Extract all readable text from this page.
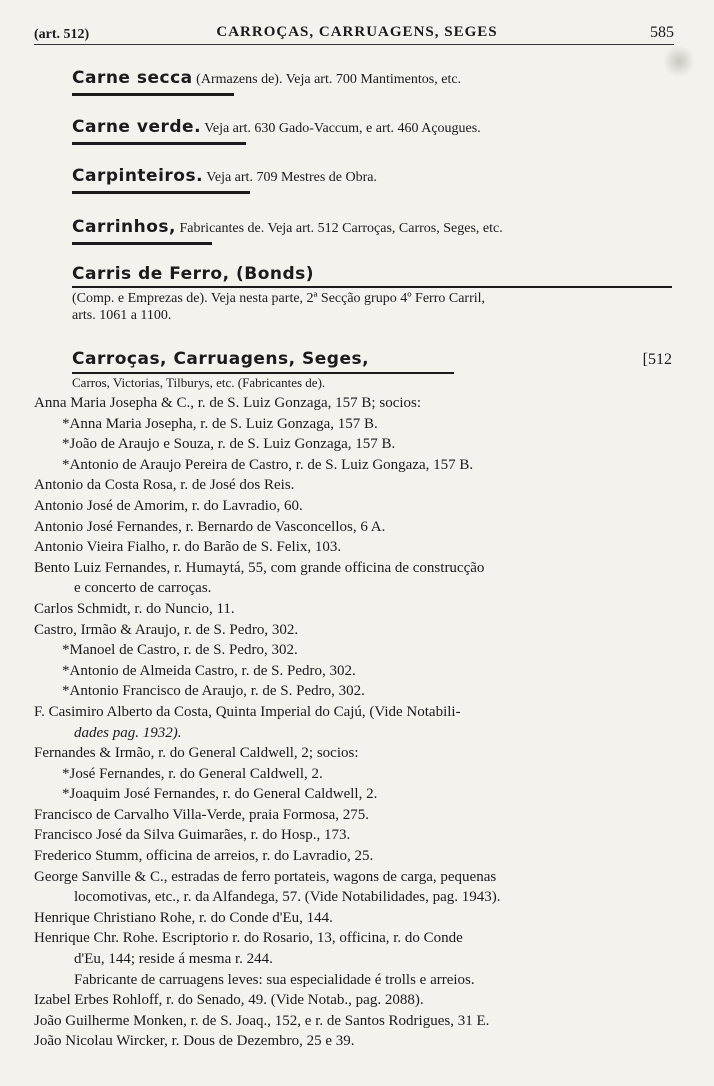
(art. 512)	CARROÇAS, CARRUAGENS, SEGES	585
Carne secca (Armazens de). Veja art. 700 Mantimentos, etc.
Carne verde. Veja art. 630 Gado-Vaccum, e art. 460 Açougues.
Carpinteiros. Veja art. 709 Mestres de Obra.
Carrinhos, Fabricantes de. Veja art. 512 Carroças, Carros, Seges, etc.
Carris de Ferro, (Bonds)
(Comp. e Emprezas de). Veja nesta parte, 2ª Secção grupo 4º Ferro Carril,
arts. 1061 a 1100.
Carroças, Carruagens, Seges,	[512
Carros, Victorias, Tilburys, etc. (Fabricantes de).
Anna Maria Josepha & C., r. de S. Luiz Gonzaga, 157 B; socios:
*Anna Maria Josepha, r. de S. Luiz Gonzaga, 157 B.
*João de Araujo e Souza, r. de S. Luiz Gonzaga, 157 B.
*Antonio de Araujo Pereira de Castro, r. de S. Luiz Gongaza, 157 B.
Antonio da Costa Rosa, r. de José dos Reis.
Antonio José de Amorim, r. do Lavradio, 60.
Antonio José Fernandes, r. Bernardo de Vasconcellos, 6 A.
Antonio Vieira Fialho, r. do Barão de S. Felix, 103.
Bento Luiz Fernandes, r. Humaytá, 55, com grande officina de construcção
e concerto de carroças.
Carlos Schmidt, r. do Nuncio, 11.
Castro, Irmão & Araujo, r. de S. Pedro, 302.
*Manoel de Castro, r. de S. Pedro, 302.
*Antonio de Almeida Castro, r. de S. Pedro, 302.
*Antonio Francisco de Araujo, r. de S. Pedro, 302.
F. Casimiro Alberto da Costa, Quinta Imperial do Cajú, (Vide Notabili-
dades pag. 1932).
Fernandes & Irmão, r. do General Caldwell, 2; socios:
*José Fernandes, r. do General Caldwell, 2.
*Joaquim José Fernandes, r. do General Caldwell, 2.
Francisco de Carvalho Villa-Verde, praia Formosa, 275.
Francisco José da Silva Guimarães, r. do Hosp., 173.
Frederico Stumm, officina de arreios, r. do Lavradio, 25.
George Sanville & C., estradas de ferro portateis, wagons de carga, pequenas
locomotivas, etc., r. da Alfandega, 57. (Vide Notabilidades, pag. 1943).
Henrique Christiano Rohe, r. do Conde d'Eu, 144.
Henrique Chr. Rohe. Escriptorio r. do Rosario, 13, officina, r. do Conde
d'Eu, 144; reside á mesma r. 244.
Fabricante de carruagens leves: sua especialidade é trolls e arreios.
Izabel Erbes Rohloff, r. do Senado, 49. (Vide Notab., pag. 2088).
João Guilherme Monken, r. de S. Joaq., 152, e r. de Santos Rodrigues, 31 E.
João Nicolau Wircker, r. Dous de Dezembro, 25 e 39.
